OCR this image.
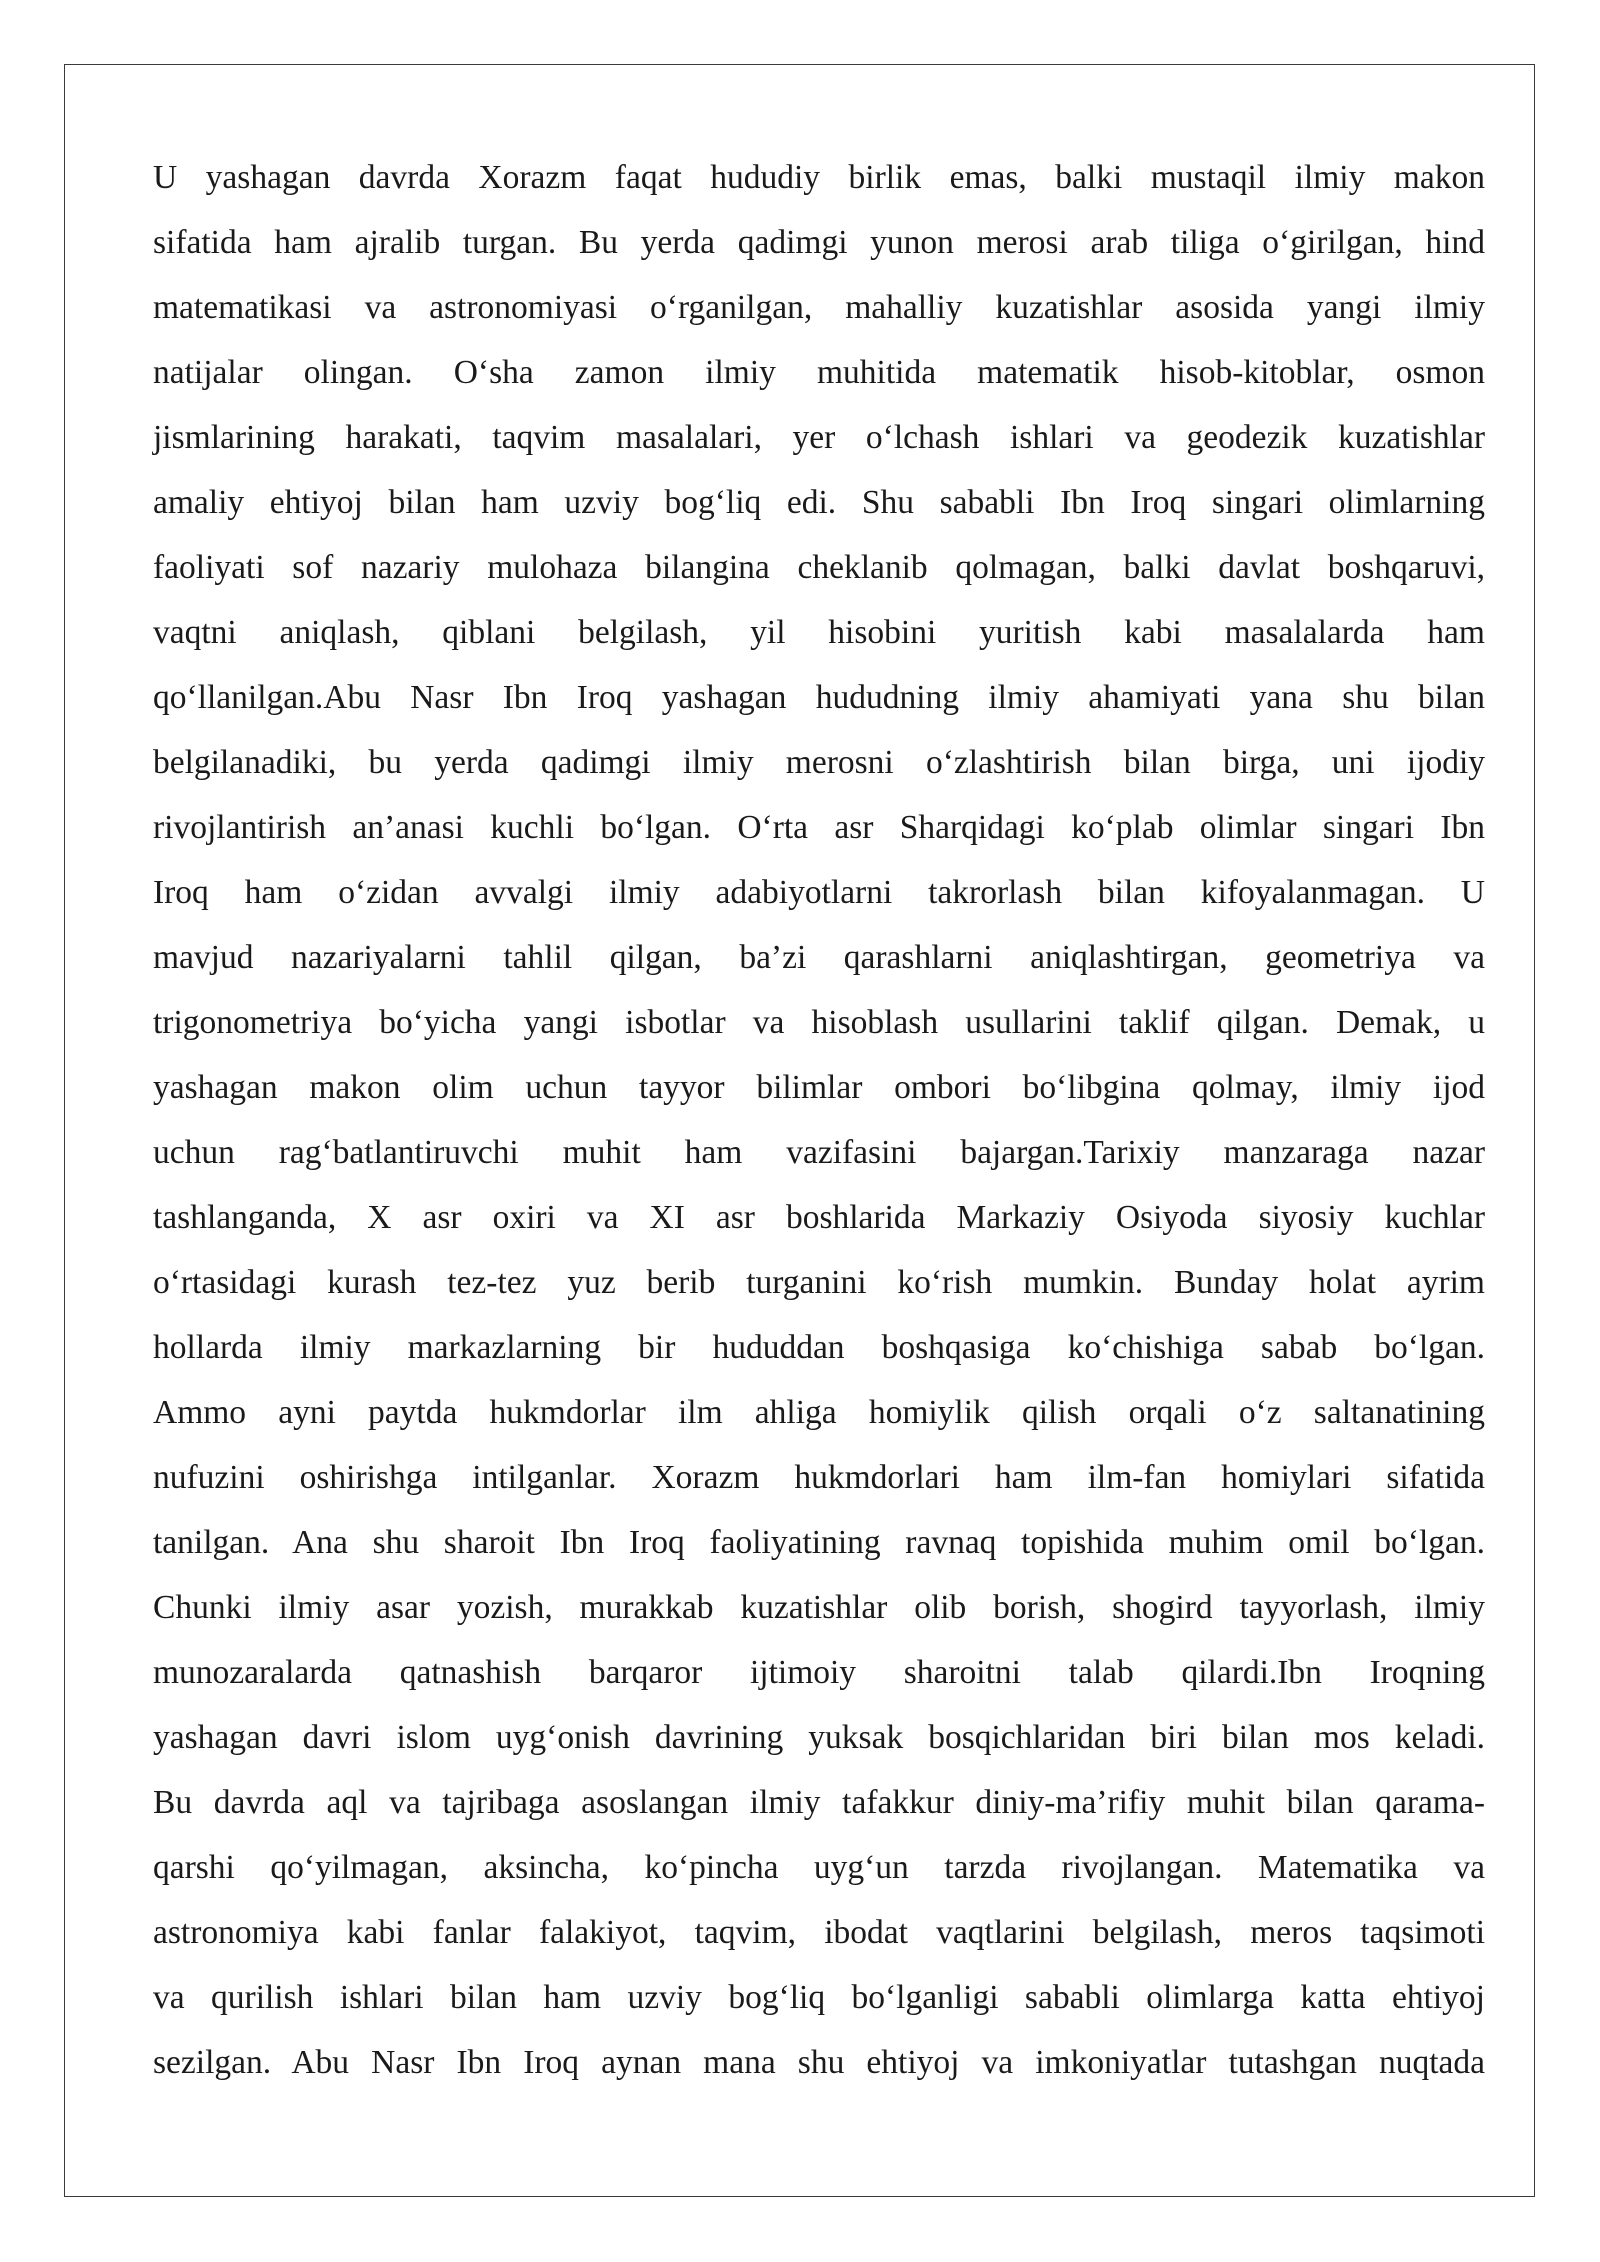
U yashagan davrda Xorazm faqat hududiy birlik emas, balki mustaqil ilmiy makon
sifatida ham ajralib turgan. Bu yerda qadimgi yunon merosi arab tiliga o‘girilgan, hind
matematikasi va astronomiyasi o‘rganilgan, mahalliy kuzatishlar asosida yangi ilmiy
natijalar olingan. O‘sha zamon ilmiy muhitida matematik hisob-kitoblar, osmon
jismlarining harakati, taqvim masalalari, yer o‘lchash ishlari va geodezik kuzatishlar
amaliy ehtiyoj bilan ham uzviy bog‘liq edi. Shu sababli Ibn Iroq singari olimlarning
faoliyati sof nazariy mulohaza bilangina cheklanib qolmagan, balki davlat boshqaruvi,
vaqtni aniqlash, qiblani belgilash, yil hisobini yuritish kabi masalalarda ham
qo‘llanilgan.Abu Nasr Ibn Iroq yashagan hududning ilmiy ahamiyati yana shu bilan
belgilanadiki, bu yerda qadimgi ilmiy merosni o‘zlashtirish bilan birga, uni ijodiy
rivojlantirish an’anasi kuchli bo‘lgan. O‘rta asr Sharqidagi ko‘plab olimlar singari Ibn
Iroq ham o‘zidan avvalgi ilmiy adabiyotlarni takrorlash bilan kifoyalanmagan. U
mavjud nazariyalarni tahlil qilgan, ba’zi qarashlarni aniqlashtirgan, geometriya va
trigonometriya bo‘yicha yangi isbotlar va hisoblash usullarini taklif qilgan. Demak, u
yashagan makon olim uchun tayyor bilimlar ombori bo‘libgina qolmay, ilmiy ijod
uchun rag‘batlantiruvchi muhit ham vazifasini bajargan.Tarixiy manzaraga nazar
tashlanganda, X asr oxiri va XI asr boshlarida Markaziy Osiyoda siyosiy kuchlar
o‘rtasidagi kurash tez-tez yuz berib turganini ko‘rish mumkin. Bunday holat ayrim
hollarda ilmiy markazlarning bir hududdan boshqasiga ko‘chishiga sabab bo‘lgan.
Ammo ayni paytda hukmdorlar ilm ahliga homiylik qilish orqali o‘z saltanatining
nufuzini oshirishga intilganlar. Xorazm hukmdorlari ham ilm-fan homiylari sifatida
tanilgan. Ana shu sharoit Ibn Iroq faoliyatining ravnaq topishida muhim omil bo‘lgan.
Chunki ilmiy asar yozish, murakkab kuzatishlar olib borish, shogird tayyorlash, ilmiy
munozaralarda qatnashish barqaror ijtimoiy sharoitni talab qilardi.Ibn Iroqning
yashagan davri islom uyg‘onish davrining yuksak bosqichlaridan biri bilan mos keladi.
Bu davrda aql va tajribaga asoslangan ilmiy tafakkur diniy-ma’rifiy muhit bilan qarama-
qarshi qo‘yilmagan, aksincha, ko‘pincha uyg‘un tarzda rivojlangan. Matematika va
astronomiya kabi fanlar falakiyot, taqvim, ibodat vaqtlarini belgilash, meros taqsimoti
va qurilish ishlari bilan ham uzviy bog‘liq bo‘lganligi sababli olimlarga katta ehtiyoj
sezilgan. Abu Nasr Ibn Iroq aynan mana shu ehtiyoj va imkoniyatlar tutashgan nuqtada
